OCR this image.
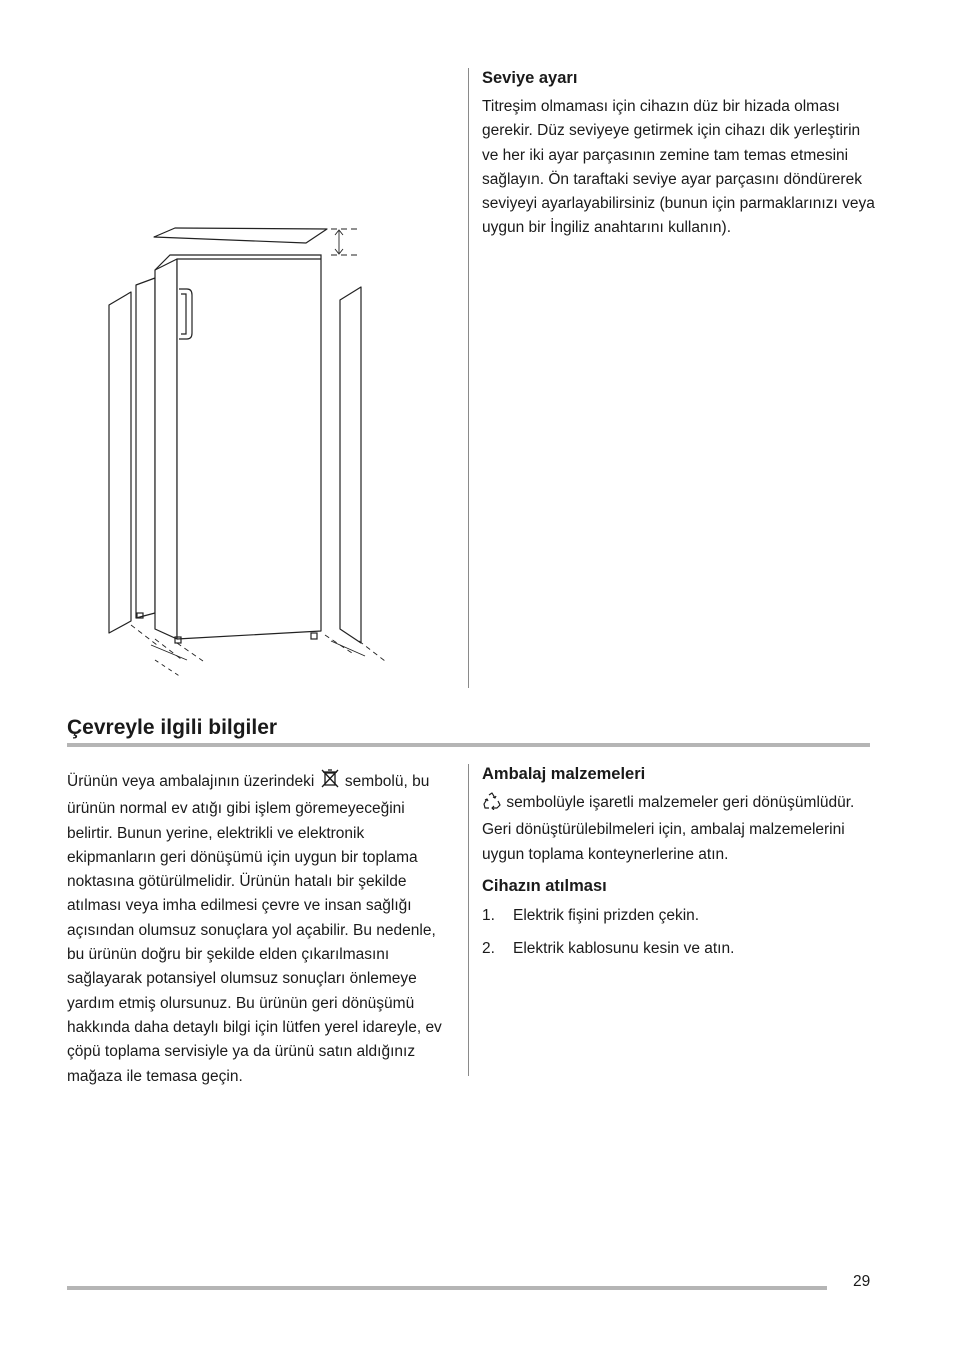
Seviye ayarı

Titreşim olmaması için cihazın düz bir hizada olması gerekir. Düz seviyeye getirmek için cihazı dik yerleştirin ve her iki ayar parçasının zemine tam temas etmesini sağlayın. Ön taraftaki seviye ayar parçasını döndürerek seviyeyi ayarlayabilirsiniz (bunun için parmaklarınızı veya uygun bir İngiliz anahtarını kullanın).

Çevreyle ilgili bilgiler

Ürünün veya ambalajının üzerindeki  sembolü, bu ürünün normal ev atığı gibi işlem göremeyeceğini belirtir. Bunun yerine, elektrikli ve elektronik ekipmanların geri dönüşümü için uygun bir toplama noktasına götürülmelidir. Ürünün hatalı bir şekilde atılması veya imha edilmesi çevre ve insan sağlığı açısından olumsuz sonuçlara yol açabilir. Bu nedenle, bu ürünün doğru bir şekilde elden çıkarılmasını sağlayarak potansiyel olumsuz sonuçları önlemeye yardım etmiş olursunuz. Bu ürünün geri dönüşümü hakkında daha detaylı bilgi için lütfen yerel idareyle, ev çöpü toplama servisiyle ya da ürünü satın aldığınız mağaza ile temasa geçin.

Ambalaj malzemeleri

sembolüyle işaretli malzemeler geri dönüşümlüdür. Geri dönüştürülebilmeleri için, ambalaj malzemelerini uygun toplama konteynerlerine atın.

Cihazın atılması
1.	Elektrik fişini prizden çekin.
2.	Elektrik kablosunu kesin ve atın.
29
